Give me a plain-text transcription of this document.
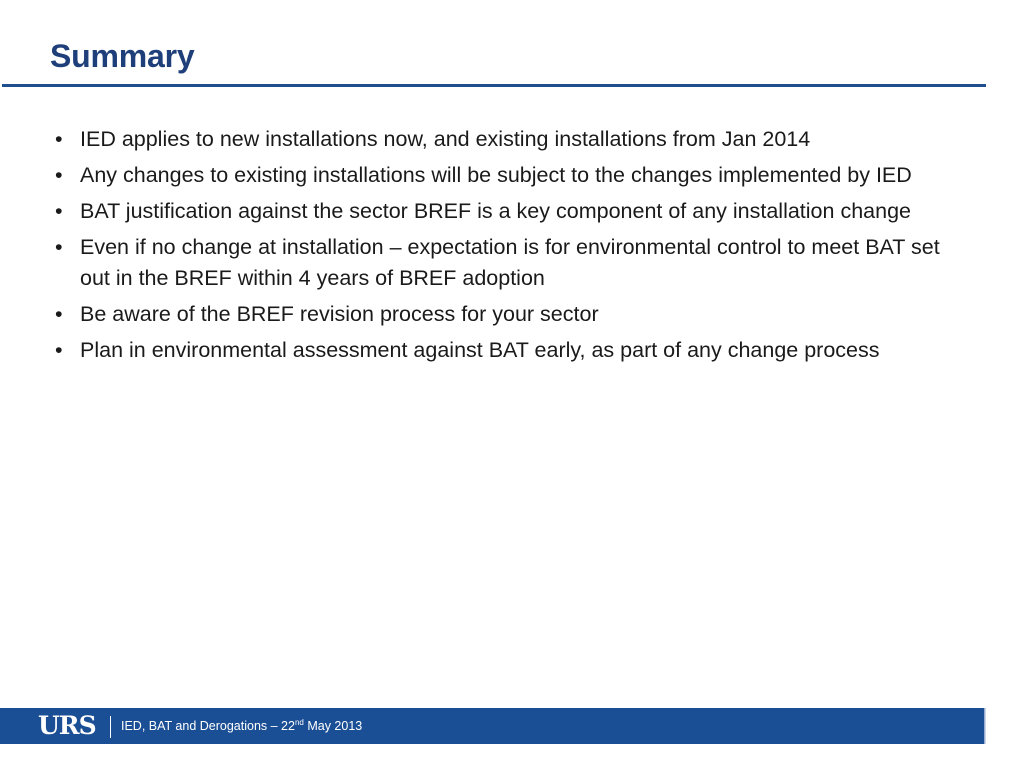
Summary
• IED applies to new installations now, and existing installations from Jan 2014
• Any changes to existing installations will be subject to the changes implemented by IED
• BAT justification against the sector BREF is a key component of any installation change
• Even if no change at installation – expectation is for environmental control to meet BAT set out in the BREF within 4 years of BREF adoption
• Be aware of the BREF revision process for your sector
• Plan in environmental assessment against BAT early, as part of any change process
URS IED, BAT and Derogations – 22nd May 2013
